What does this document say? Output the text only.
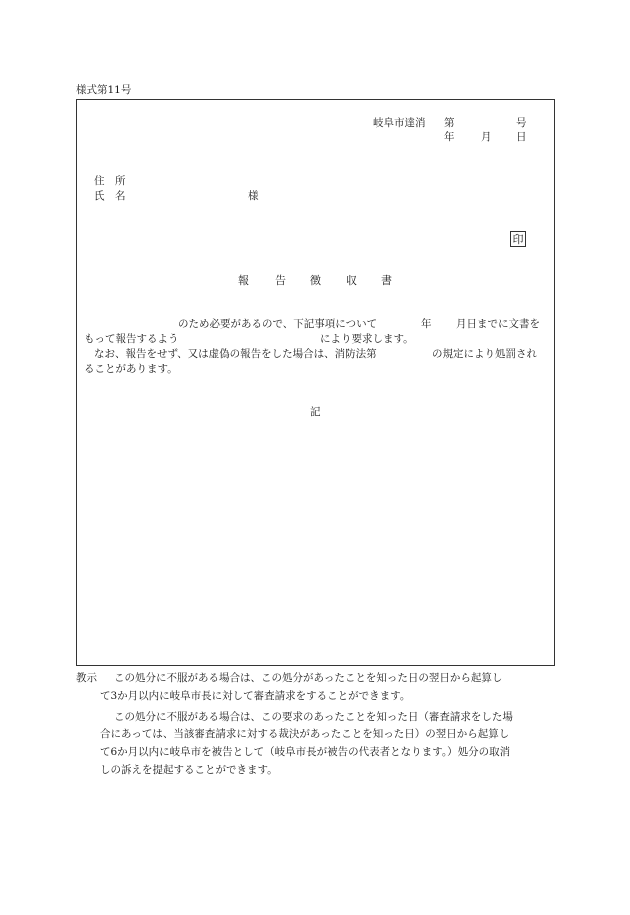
様式第11号
岐阜市達消 第	号
年	月 日
住　所
氏　名	様
印
報 告 徴 収 書
のため必要があるので、下記事項について	年 月日までに文書を
もって報告するよう	により要求します。
なお、報告をせず、又は虚偽の報告をした場合は、消防法第	の規定により処罰され
ることがあります。
記
教示 この処分に不服がある場合は、この処分があったことを知った日の翌日から起算し
て3か月以内に岐阜市長に対して審査請求をすることができます。
この処分に不服がある場合は、この要求のあったことを知った日（審査請求をした場
合にあっては、当該審査請求に対する裁決があったことを知った日）の翌日から起算し
て6か月以内に岐阜市を被告として（岐阜市長が被告の代表者となります。）処分の取消
しの訴えを提起することができます。
